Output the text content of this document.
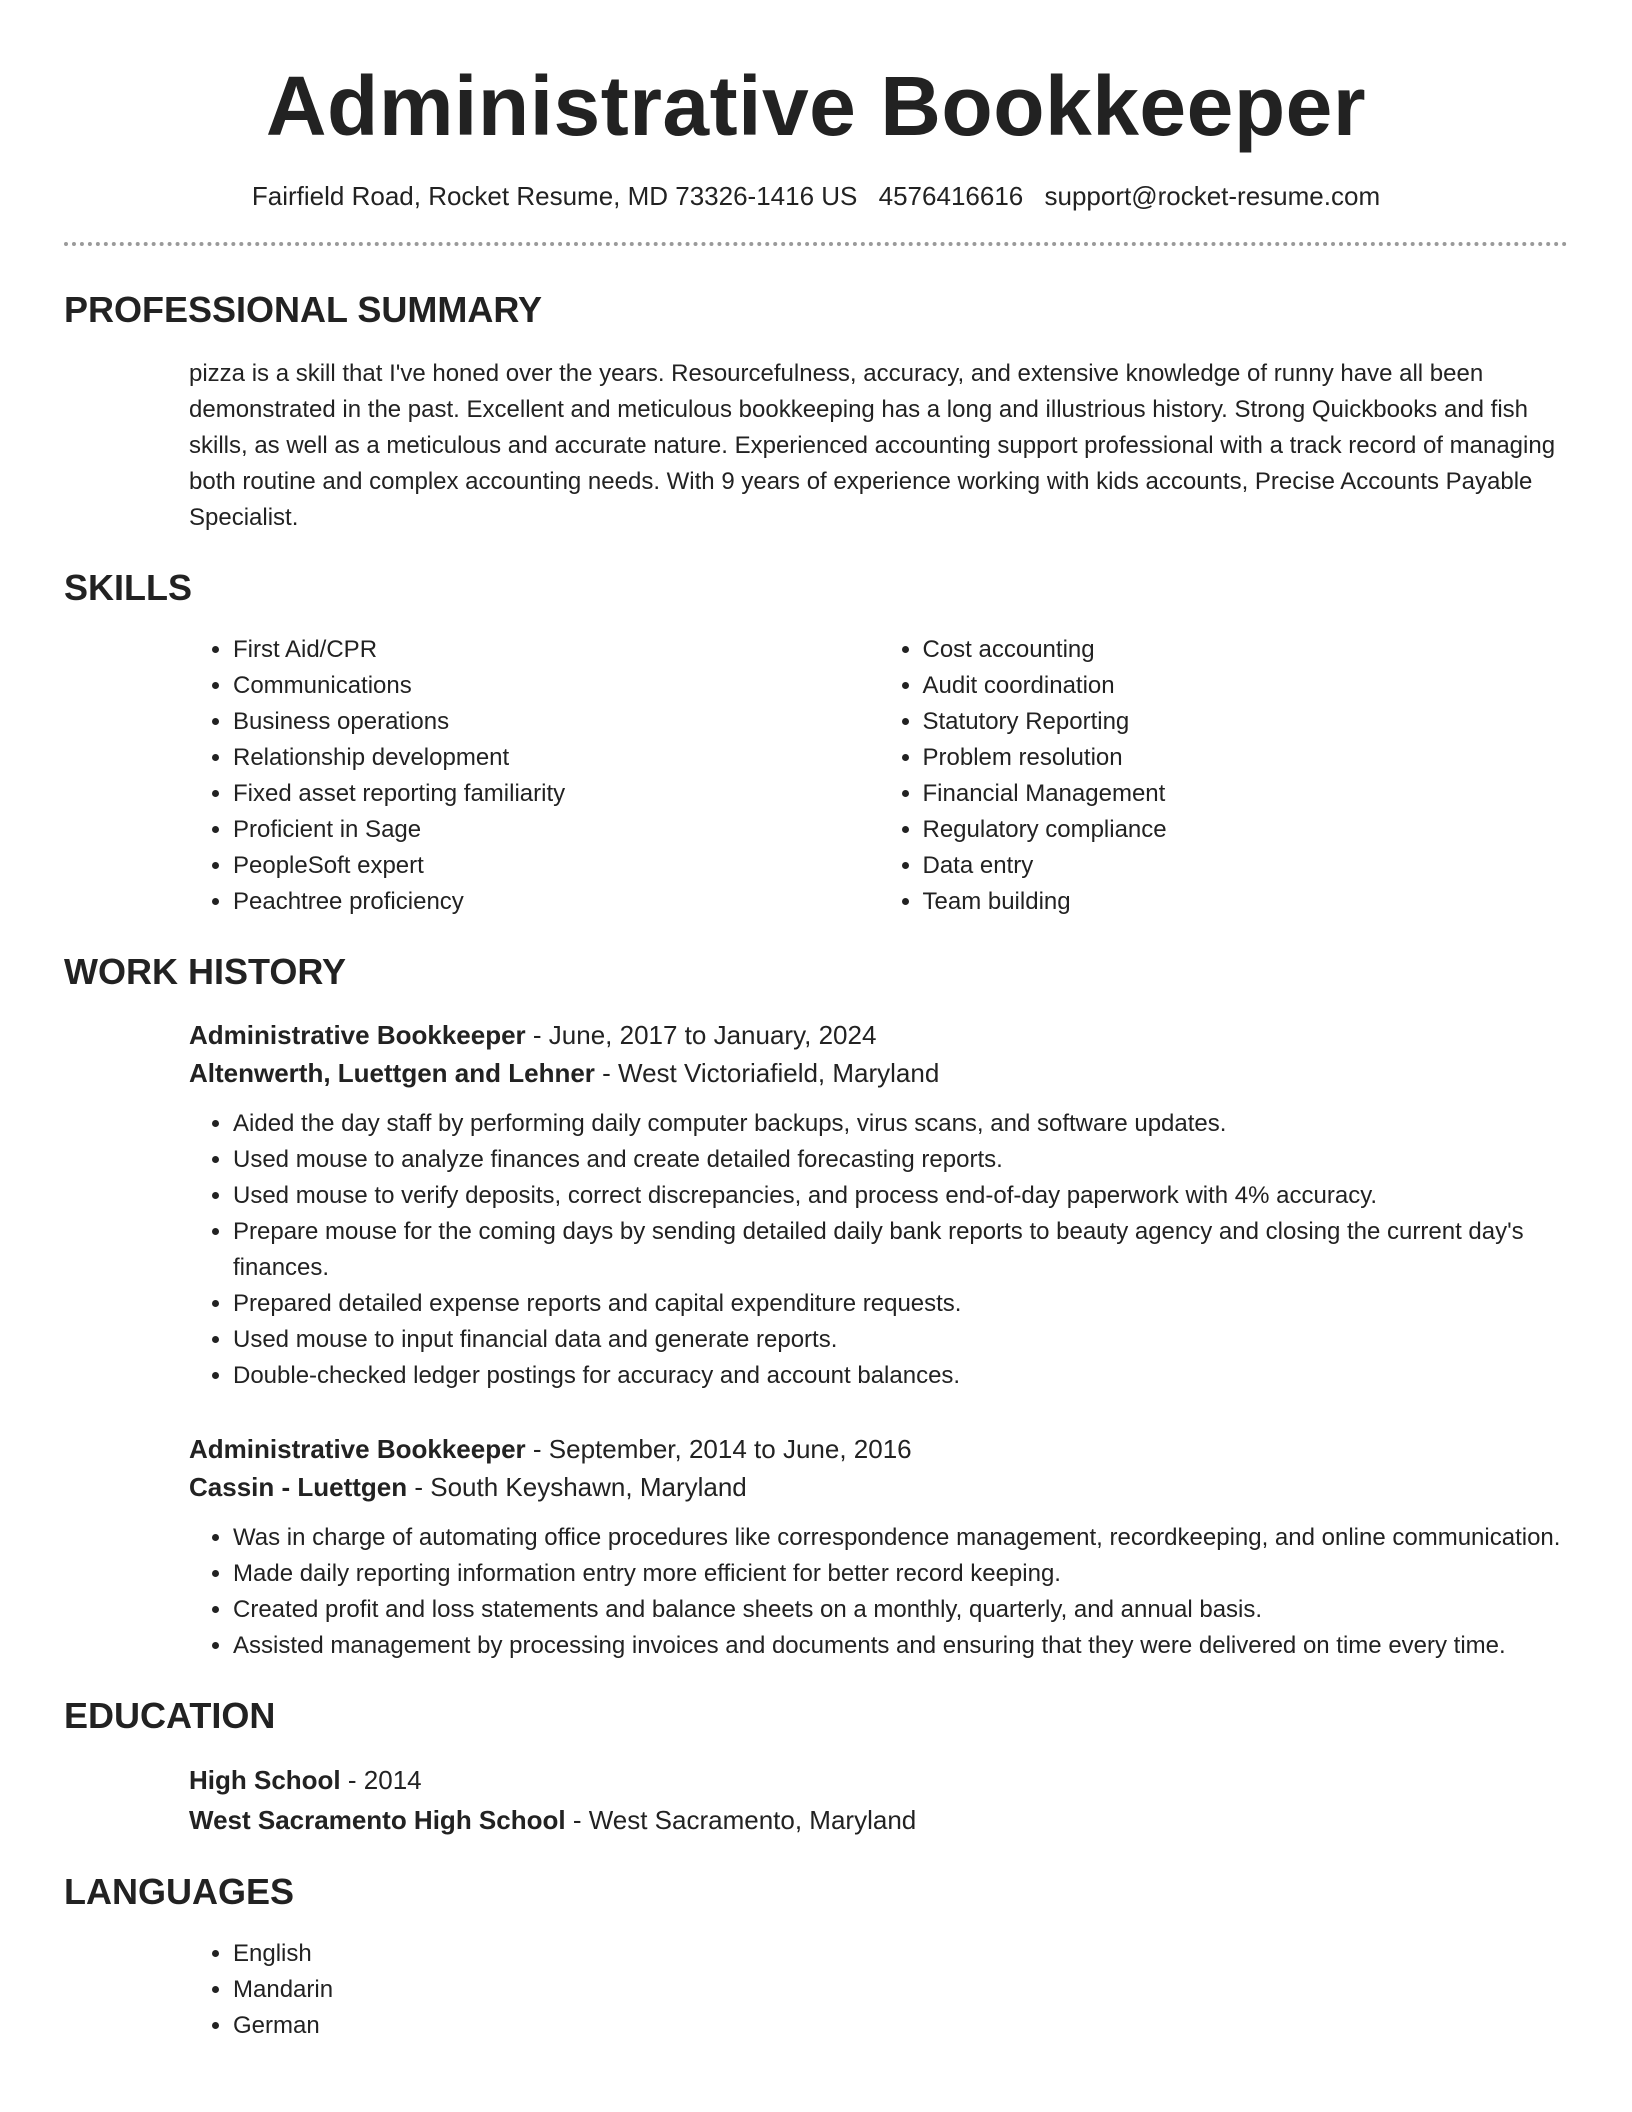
Administrative Bookkeeper
Fairfield Road, Rocket Resume, MD 73326-1416 US 4576416616 support@rocket-resume.com
PROFESSIONAL SUMMARY
pizza is a skill that I've honed over the years. Resourcefulness, accuracy, and extensive knowledge of runny have all been demonstrated in the past. Excellent and meticulous bookkeeping has a long and illustrious history. Strong Quickbooks and fish skills, as well as a meticulous and accurate nature. Experienced accounting support professional with a track record of managing both routine and complex accounting needs. With 9 years of experience working with kids accounts, Precise Accounts Payable Specialist.
SKILLS
• First Aid/CPR
• Communications
• Business operations
• Relationship development
• Fixed asset reporting familiarity
• Proficient in Sage
• PeopleSoft expert
• Peachtree proficiency
• Cost accounting
• Audit coordination
• Statutory Reporting
• Problem resolution
• Financial Management
• Regulatory compliance
• Data entry
• Team building
WORK HISTORY
Administrative Bookkeeper - June, 2017 to January, 2024
Altenwerth, Luettgen and Lehner - West Victoriafield, Maryland
• Aided the day staff by performing daily computer backups, virus scans, and software updates.
• Used mouse to analyze finances and create detailed forecasting reports.
• Used mouse to verify deposits, correct discrepancies, and process end-of-day paperwork with 4% accuracy.
• Prepare mouse for the coming days by sending detailed daily bank reports to beauty agency and closing the current day's finances.
• Prepared detailed expense reports and capital expenditure requests.
• Used mouse to input financial data and generate reports.
• Double-checked ledger postings for accuracy and account balances.
Administrative Bookkeeper - September, 2014 to June, 2016
Cassin - Luettgen - South Keyshawn, Maryland
• Was in charge of automating office procedures like correspondence management, recordkeeping, and online communication.
• Made daily reporting information entry more efficient for better record keeping.
• Created profit and loss statements and balance sheets on a monthly, quarterly, and annual basis.
• Assisted management by processing invoices and documents and ensuring that they were delivered on time every time.
EDUCATION
High School - 2014
West Sacramento High School - West Sacramento, Maryland
LANGUAGES
• English
• Mandarin
• German
